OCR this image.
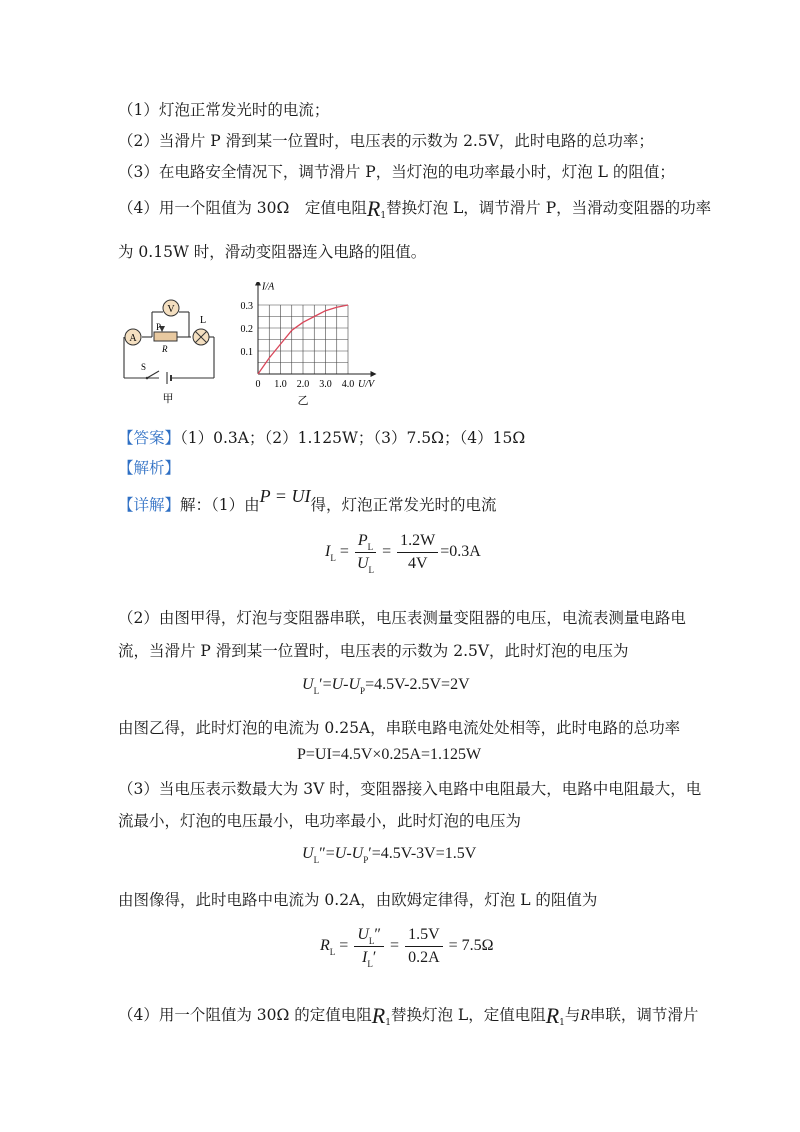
（1）灯泡正常发光时的电流；
（2）当滑片 P 滑到某一位置时，电压表的示数为 2.5V，此时电路的总功率；
（3）在电路安全情况下，调节滑片 P，当灯泡的电功率最小时，灯泡 L 的阻值；
（4）用一个阻值为 30Ω　定值电阻$R_1$替换灯泡 L，调节滑片 P，当滑动变阻器的功率
为 0.15W 时，滑动变阻器连入电路的阻值。
V
A
L
P
R
S
甲
U/V
I/A
0 1.0 2.0 3.0 4.0
0.1
0.2
0.3
乙
【答案】（1）0.3A；（2）1.125W；（3）7.5Ω；（4）15Ω
【解析】
【详解】解：（1）由P = UI得，灯泡正常发光时的电流
$I_L = \frac{P_L}{U_L} = \frac{1.2W}{4V} =0.3A$
（2）由图甲得，灯泡与变阻器串联，电压表测量变阻器的电压，电流表测量电路电
流，当滑片 P 滑到某一位置时，电压表的示数为 2.5V，此时灯泡的电压为
$U_L'=U-U_P=4.5V-2.5V=2V$
由图乙得，此时灯泡的电流为 0.25A，串联电路电流处处相等，此时电路的总功率
P=UI=4.5V×0.25A=1.125W
（3）当电压表示数最大为 3V 时，变阻器接入电路中电阻最大，电路中电阻最大，电
流最小，灯泡的电压最小，电功率最小，此时灯泡的电压为
$U_L''=U-U_P'=4.5V-3V=1.5V$
由图像得，此时电路中电流为 0.2A，由欧姆定律得，灯泡 L 的阻值为
$R_L = \frac{U_L''}{I_L'} = \frac{1.5V}{0.2A} = 7.5\Omega$
（4）用一个阻值为 30Ω 的定值电阻$R_1$替换灯泡 L，定值电阻$R_1$与R串联，调节滑片
